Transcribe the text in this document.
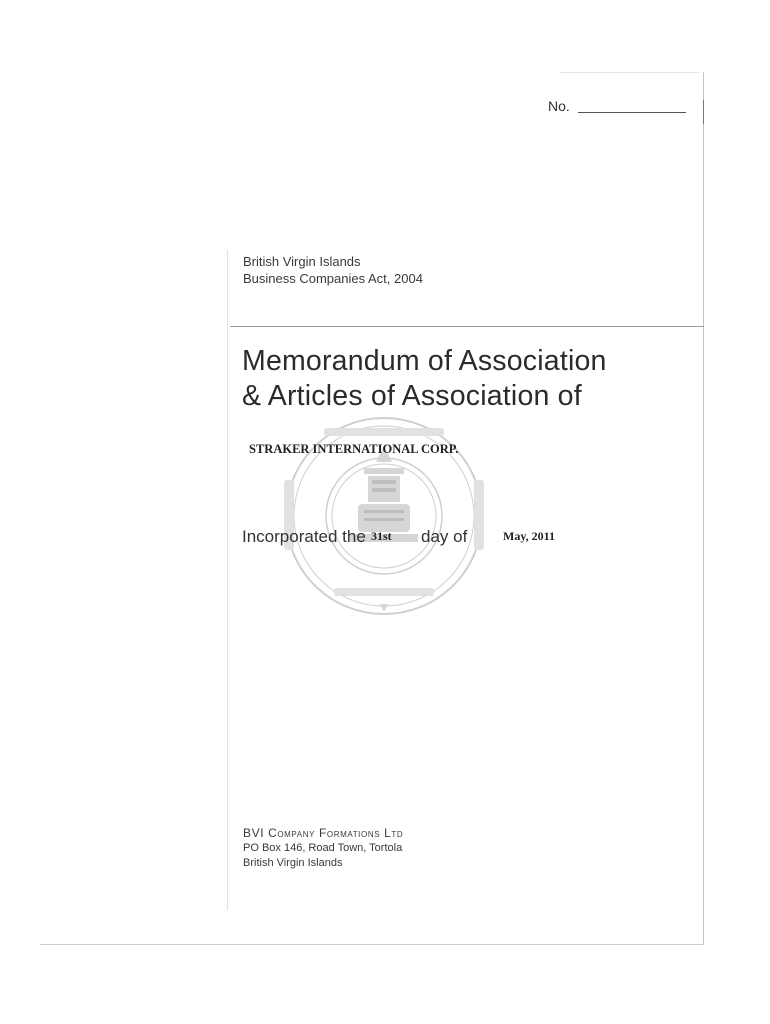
No.
British Virgin Islands
Business Companies Act, 2004
Memorandum of Association
& Articles of Association of
STRAKER INTERNATIONAL CORP.
Incorporated the 31st day of	May, 2011
BVI Company Formations Ltd
PO Box 146, Road Town, Tortola
British Virgin Islands
